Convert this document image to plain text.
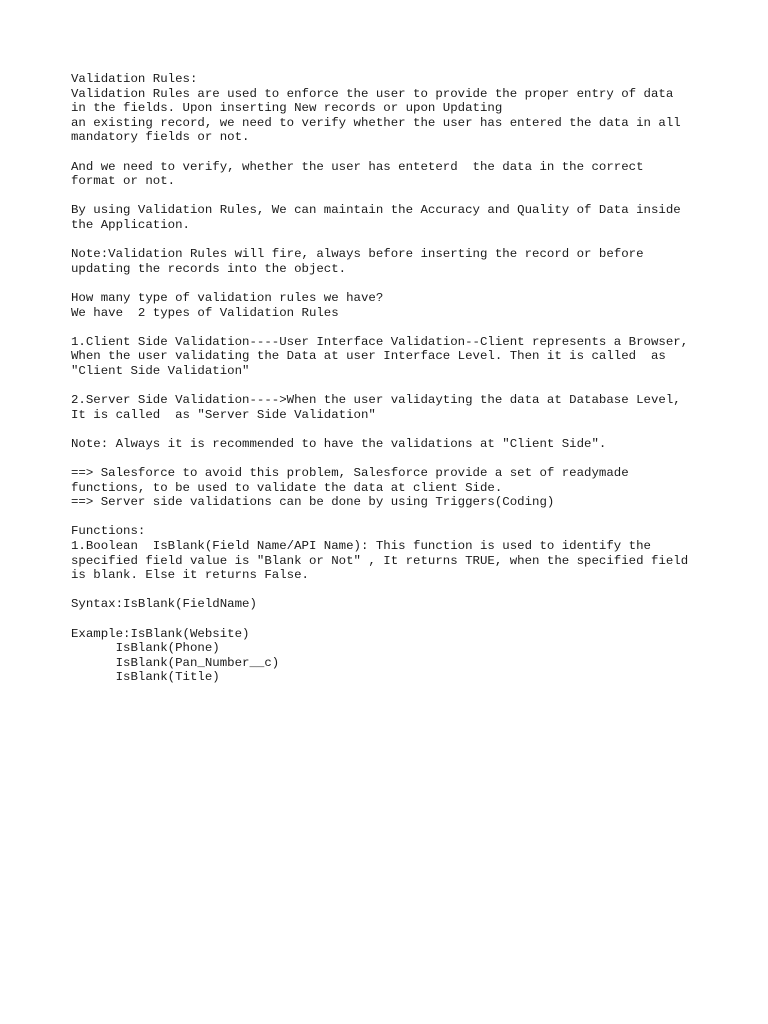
Validation Rules:
Validation Rules are used to enforce the user to provide the proper entry of data
in the fields. Upon inserting New records or upon Updating
an existing record, we need to verify whether the user has entered the data in all
mandatory fields or not.
And we need to verify, whether the user has enteterd  the data in the correct
format or not.
By using Validation Rules, We can maintain the Accuracy and Quality of Data inside
the Application.
Note:Validation Rules will fire, always before inserting the record or before
updating the records into the object.
How many type of validation rules we have?
We have  2 types of Validation Rules
1.Client Side Validation----User Interface Validation--Client represents a Browser,
When the user validating the Data at user Interface Level. Then it is called  as
"Client Side Validation"
2.Server Side Validation---->When the user validayting the data at Database Level,
It is called  as "Server Side Validation"
Note: Always it is recommended to have the validations at "Client Side".
==> Salesforce to avoid this problem, Salesforce provide a set of readymade
functions, to be used to validate the data at client Side.
==> Server side validations can be done by using Triggers(Coding)
Functions:
1.Boolean  IsBlank(Field Name/API Name): This function is used to identify the
specified field value is "Blank or Not" , It returns TRUE, when the specified field
is blank. Else it returns False.
Syntax:IsBlank(FieldName)
Example:IsBlank(Website)
IsBlank(Phone)
IsBlank(Pan_Number__c)
IsBlank(Title)
